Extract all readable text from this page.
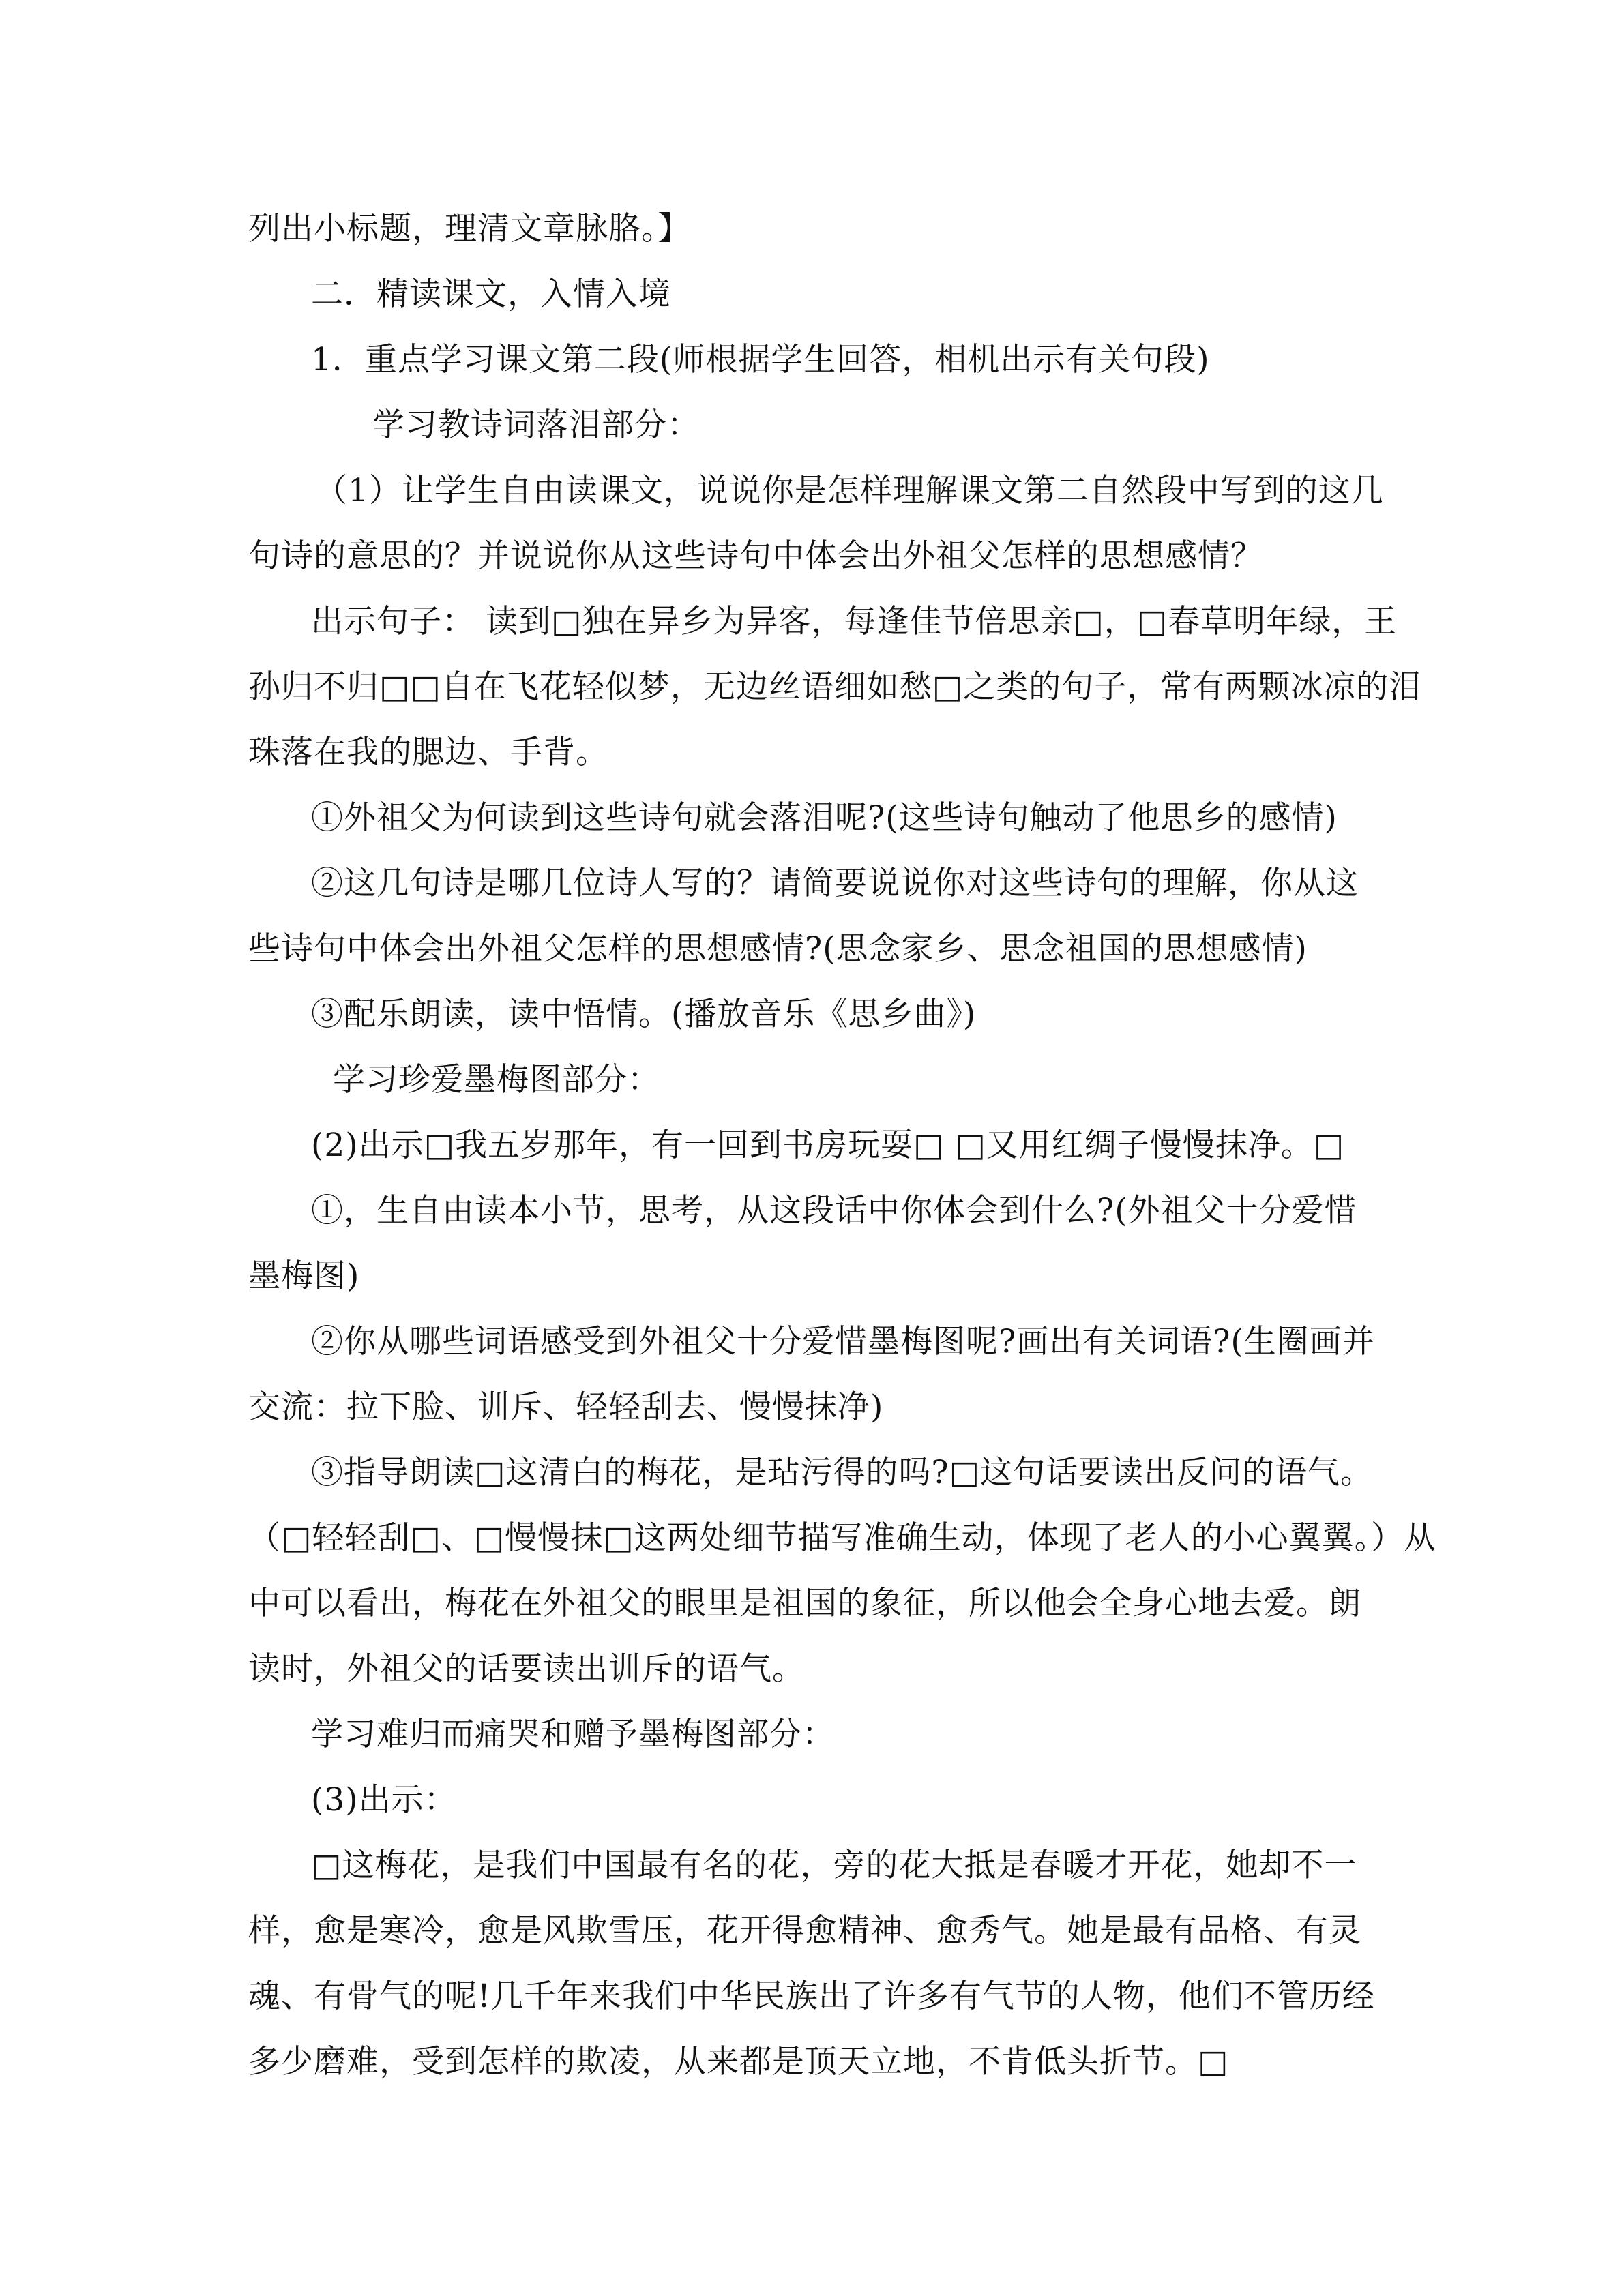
列出小标题，理清文章脉胳。】
二．精读课文，入情入境
1．重点学习课文第二段(师根据学生回答，相机出示有关句段)
学习教诗词落泪部分：
（1）让学生自由读课文，说说你是怎样理解课文第二自然段中写到的这几
句诗的意思的？并说说你从这些诗句中体会出外祖父怎样的思想感情？
出示句子： 读到□独在异乡为异客，每逢佳节倍思亲□，□春草明年绿，王
孙归不归□□自在飞花轻似梦，无边丝语细如愁□之类的句子，常有两颗冰凉的泪
珠落在我的腮边、手背。
①外祖父为何读到这些诗句就会落泪呢?(这些诗句触动了他思乡的感情)
②这几句诗是哪几位诗人写的？请简要说说你对这些诗句的理解，你从这
些诗句中体会出外祖父怎样的思想感情?(思念家乡、思念祖国的思想感情)
③配乐朗读，读中悟情。(播放音乐《思乡曲》)
学习珍爱墨梅图部分：
(2)出示□我五岁那年，有一回到书房玩耍□ □又用红绸子慢慢抹净。□
①，生自由读本小节，思考，从这段话中你体会到什么?(外祖父十分爱惜
墨梅图)
②你从哪些词语感受到外祖父十分爱惜墨梅图呢?画出有关词语?(生圈画并
交流：拉下脸、训斥、轻轻刮去、慢慢抹净)
③指导朗读□这清白的梅花，是玷污得的吗?□这句话要读出反问的语气。
（□轻轻刮□、□慢慢抹□这两处细节描写准确生动，体现了老人的小心翼翼。）从
中可以看出，梅花在外祖父的眼里是祖国的象征，所以他会全身心地去爱。朗
读时，外祖父的话要读出训斥的语气。
学习难归而痛哭和赠予墨梅图部分：
(3)出示：
□这梅花，是我们中国最有名的花，旁的花大抵是春暖才开花，她却不一
样，愈是寒冷，愈是风欺雪压，花开得愈精神、愈秀气。她是最有品格、有灵
魂、有骨气的呢!几千年来我们中华民族出了许多有气节的人物，他们不管历经
多少磨难，受到怎样的欺凌，从来都是顶天立地，不肯低头折节。□
